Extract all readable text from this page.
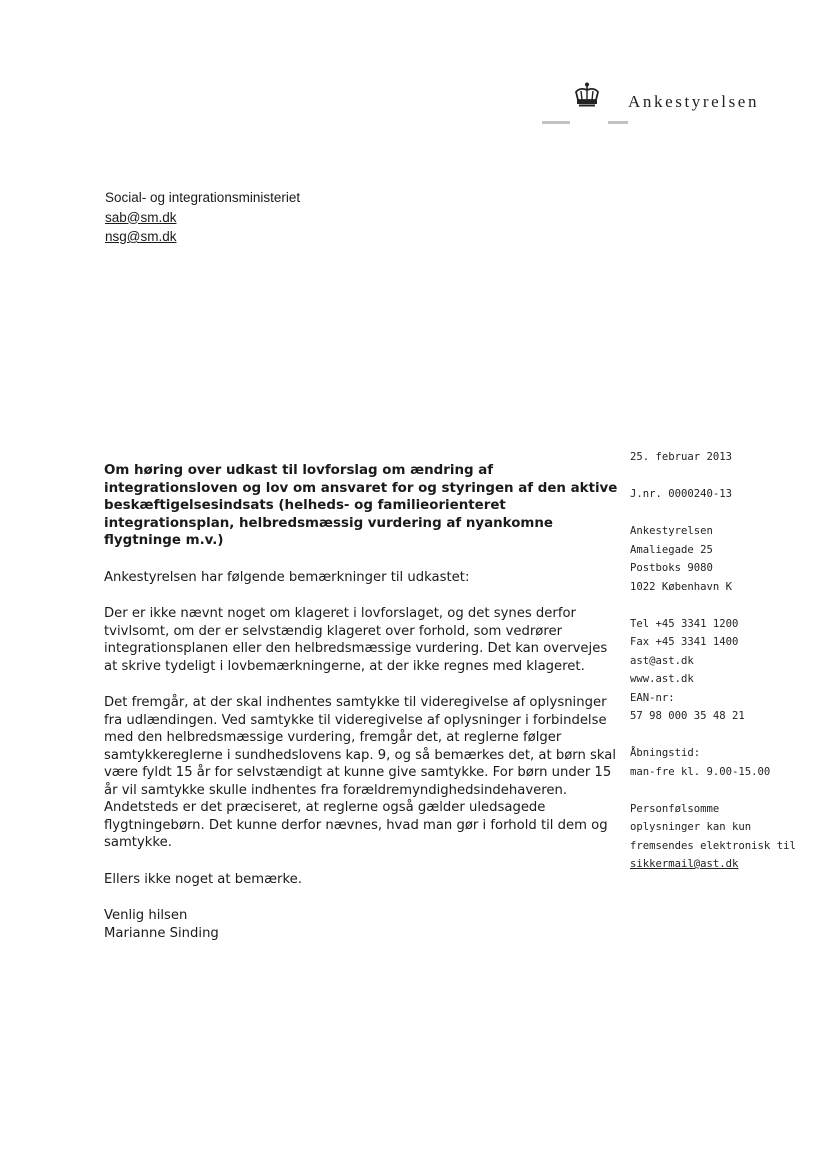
Ankestyrelsen
Social- og integrationsministeriet
sab@sm.dk
nsg@sm.dk
25. februar 2013
J.nr. 0000240-13
Ankestyrelsen
Amaliegade 25
Postboks 9080
1022 København K
Tel +45 3341 1200
Fax +45 3341 1400
ast@ast.dk
www.ast.dk
EAN-nr:
57 98 000 35 48 21
Åbningstid:
man-fre kl. 9.00-15.00
Personfølsomme
oplysninger kan kun
fremsendes elektronisk til
sikkermail@ast.dk

Om høring over udkast til lovforslag om ændring af integrationsloven og lov om ansvaret for og styringen af den aktive beskæftigelsesindsats (helheds- og familieorienteret integrationsplan, helbredsmæssig vurdering af nyankomne flygtninge m.v.)

Ankestyrelsen har følgende bemærkninger til udkastet:

Der er ikke nævnt noget om klageret i lovforslaget, og det synes derfor tvivlsomt, om der er selvstændig klageret over forhold, som vedrører integrationsplanen eller den helbredsmæssige vurdering. Det kan overvejes at skrive tydeligt i lovbemærkningerne, at der ikke regnes med klageret.

Det fremgår, at der skal indhentes samtykke til videregivelse af oplysninger fra udlændingen. Ved samtykke til videregivelse af oplysninger i forbindelse med den helbredsmæssige vurdering, fremgår det, at reglerne følger samtykkereglerne i sundhedslovens kap. 9, og så bemærkes det, at børn skal være fyldt 15 år for selvstændigt at kunne give samtykke. For børn under 15 år vil samtykke skulle indhentes fra forældremyndighedsindehaveren. Andetsteds er det præciseret, at reglerne også gælder uledsagede flygtningebørn. Det kunne derfor nævnes, hvad man gør i forhold til dem og samtykke.

Ellers ikke noget at bemærke.

Venlig hilsen

Marianne Sinding
